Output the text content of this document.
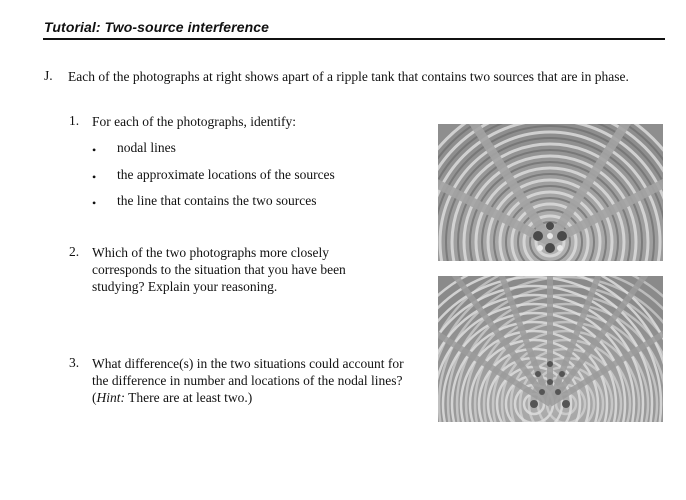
Tutorial: Two-source interference
J. Each of the photographs at right shows apart of a ripple tank that contains two sources that are in phase.
1. For each of the photographs, identify:
• nodal lines
• the approximate locations of the sources
• the line that contains the two sources
2. Which of the two photographs more closely corresponds to the situation that you have been studying? Explain your reasoning.
3. What difference(s) in the two situations could account for the difference in number and locations of the nodal lines? (Hint: There are at least two.)
